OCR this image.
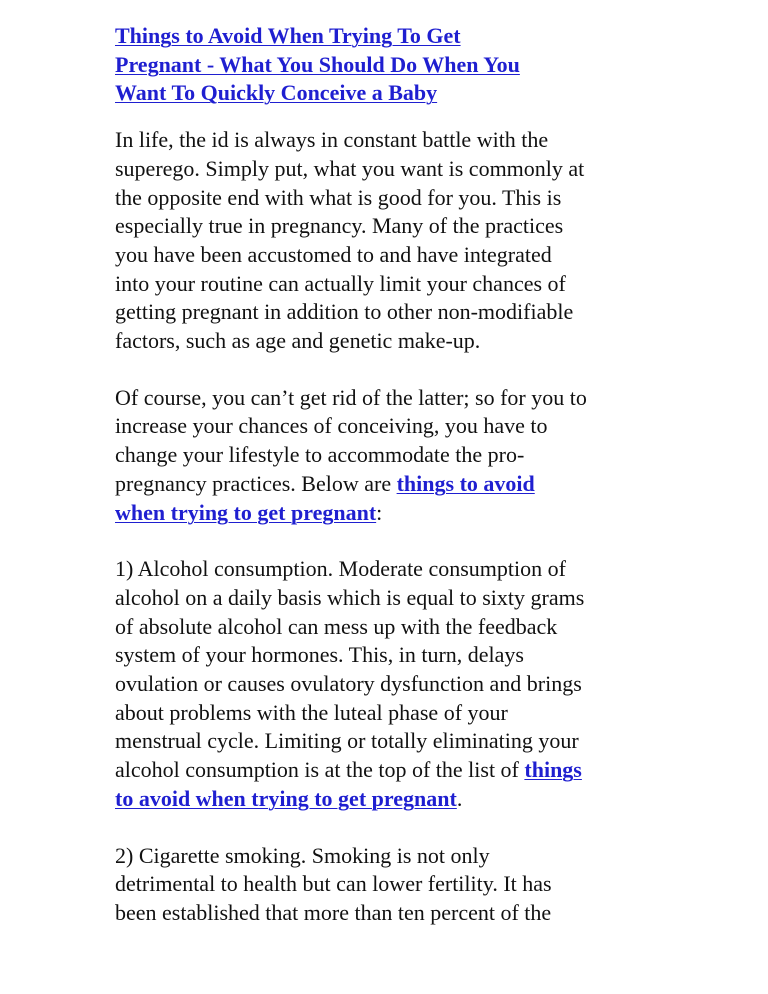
Things to Avoid When Trying To Get
Pregnant - What You Should Do When You
Want To Quickly Conceive a Baby

In life, the id is always in constant battle with the
superego. Simply put, what you want is commonly at
the opposite end with what is good for you. This is
especially true in pregnancy. Many of the practices
you have been accustomed to and have integrated
into your routine can actually limit your chances of
getting pregnant in addition to other non-modifiable
factors, such as age and genetic make-up.

Of course, you can’t get rid of the latter; so for you to
increase your chances of conceiving, you have to
change your lifestyle to accommodate the pro-
pregnancy practices. Below are things to avoid
when trying to get pregnant:

1) Alcohol consumption. Moderate consumption of
alcohol on a daily basis which is equal to sixty grams
of absolute alcohol can mess up with the feedback
system of your hormones. This, in turn, delays
ovulation or causes ovulatory dysfunction and brings
about problems with the luteal phase of your
menstrual cycle. Limiting or totally eliminating your
alcohol consumption is at the top of the list of things
to avoid when trying to get pregnant.

2) Cigarette smoking. Smoking is not only
detrimental to health but can lower fertility. It has
been established that more than ten percent of the
